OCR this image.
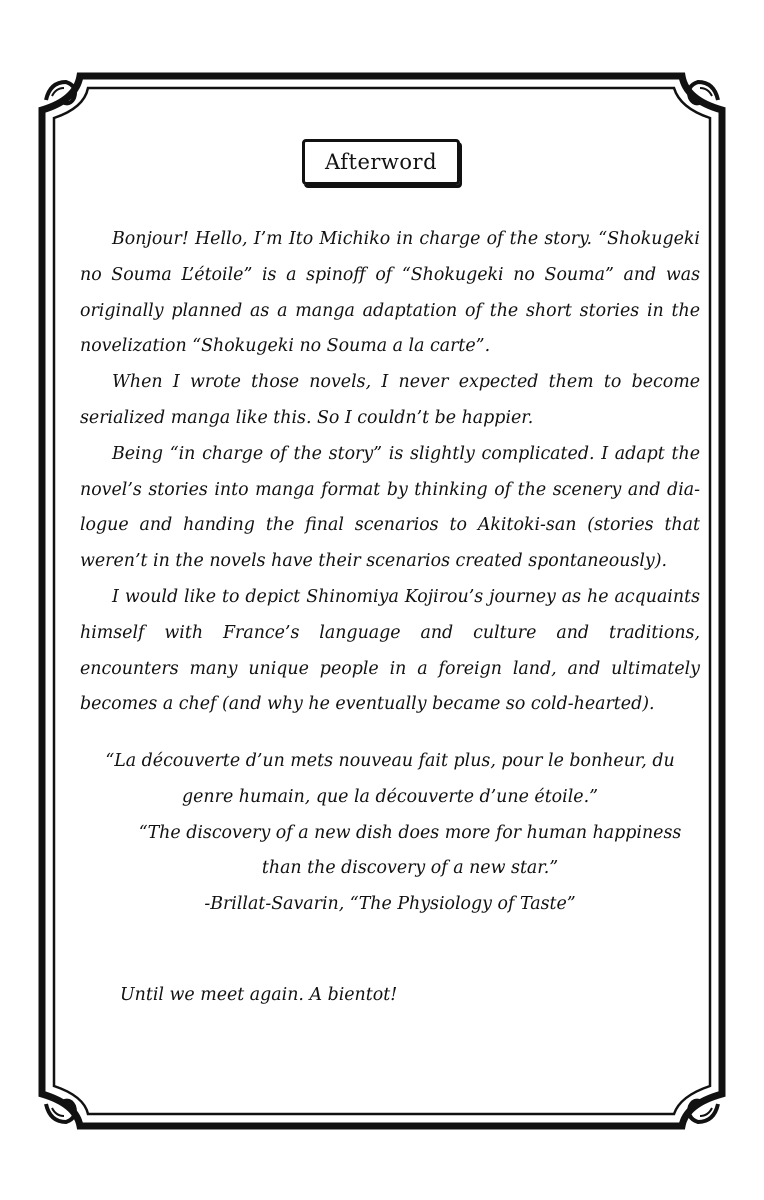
Afterword

Bonjour! Hello, I’m Ito Michiko in charge of the story. “Shokugeki no Souma L’étoile” is a spinoff of “Shokugeki no Souma” and was originally planned as a manga adaptation of the short stories in the novelization “Shokugeki no Souma a la carte”.

When I wrote those novels, I never expected them to become serialized manga like this. So I couldn’t be happier.

Being “in charge of the story” is slightly complicated. I adapt the novel’s stories into manga format by thinking of the scenery and dia-logue and handing the final scenarios to Akitoki-san (stories that weren’t in the novels have their scenarios created spontaneously).

I would like to depict Shinomiya Kojirou’s journey as he acquaints himself with France’s language and culture and traditions, encounters many unique people in a foreign land, and ultimately becomes a chef (and why he eventually became so cold-hearted).

“La découverte d’un mets nouveau fait plus, pour le bonheur, du genre humain, que la découverte d’une étoile.”

“The discovery of a new dish does more for human happiness than the discovery of a new star.”

-Brillat-Savarin, “The Physiology of Taste”

Until we meet again. A bientot!
